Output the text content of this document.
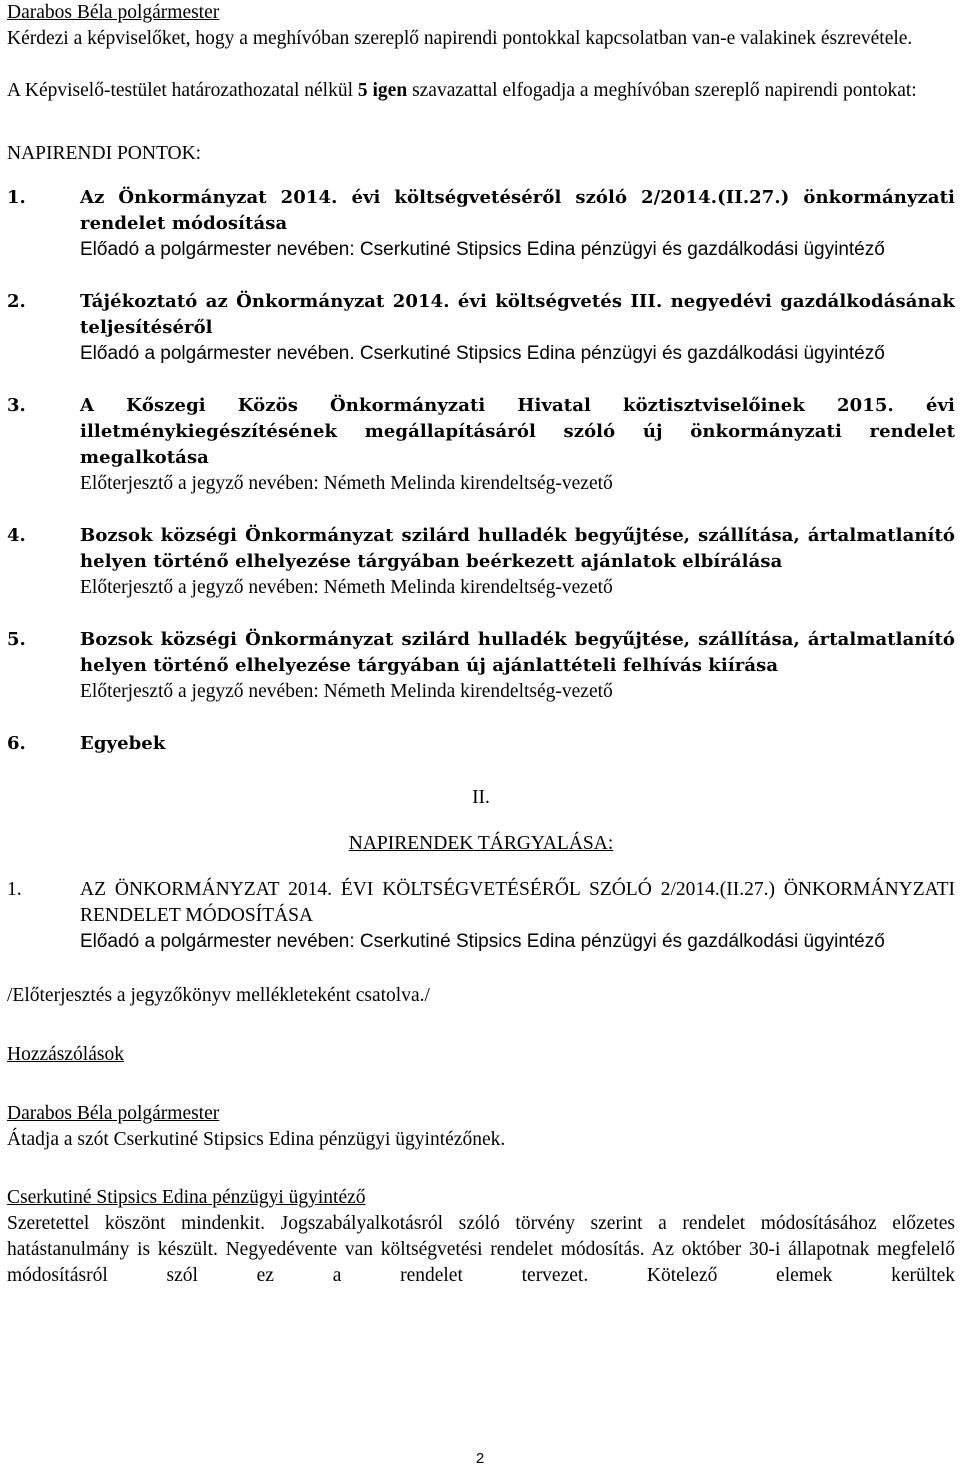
Darabos Béla polgármester

Kérdezi a képviselőket, hogy a meghívóban szereplő napirendi pontokkal kapcsolatban van-e valakinek észrevétele.

A Képviselő-testület határozathozatal nélkül 5 igen szavazattal elfogadja a meghívóban szereplő napirendi pontokat:

NAPIRENDI PONTOK:

1.	Az Önkormányzat 2014. évi költségvetéséről szóló 2/2014.(II.27.) önkormányzati rendelet módosítása
Előadó a polgármester nevében: Cserkutiné Stipsics Edina pénzügyi és gazdálkodási ügyintéző
2.	Tájékoztató az Önkormányzat 2014. évi költségvetés III. negyedévi gazdálkodásának teljesítéséről
Előadó a polgármester nevében. Cserkutiné Stipsics Edina pénzügyi és gazdálkodási ügyintéző
3.	A Kőszegi Közös Önkormányzati Hivatal köztisztviselőinek 2015. évi illetménykiegészítésének megállapításáról szóló új önkormányzati rendelet megalkotása
Előterjesztő a jegyző nevében: Németh Melinda kirendeltség-vezető
4.	Bozsok községi Önkormányzat szilárd hulladék begyűjtése, szállítása, ártalmatlanító helyen történő elhelyezése tárgyában beérkezett ajánlatok elbírálása
Előterjesztő a jegyző nevében: Németh Melinda kirendeltség-vezető
5.	Bozsok községi Önkormányzat szilárd hulladék begyűjtése, szállítása, ártalmatlanító helyen történő elhelyezése tárgyában új ajánlattételi felhívás kiírása
Előterjesztő a jegyző nevében: Németh Melinda kirendeltség-vezető
6.	Egyebek

II.

NAPIRENDEK TÁRGYALÁSA:

1.	AZ ÖNKORMÁNYZAT 2014. ÉVI KÖLTSÉGVETÉSÉRŐL SZÓLÓ 2/2014.(II.27.) ÖNKORMÁNYZATI RENDELET MÓDOSÍTÁSA
Előadó a polgármester nevében: Cserkutiné Stipsics Edina pénzügyi és gazdálkodási ügyintéző

/Előterjesztés a jegyzőkönyv mellékleteként csatolva./

Hozzászólások

Darabos Béla polgármester

Átadja a szót Cserkutiné Stipsics Edina pénzügyi ügyintézőnek.

Cserkutiné Stipsics Edina pénzügyi ügyintéző

Szeretettel köszönt mindenkit. Jogszabályalkotásról szóló törvény szerint a rendelet módosításához előzetes hatástanulmány is készült. Negyedévente van költségvetési rendelet módosítás. Az október 30-i állapotnak megfelelő módosításról szól ez a rendelet tervezet. Kötelező elemek kerültek

2
